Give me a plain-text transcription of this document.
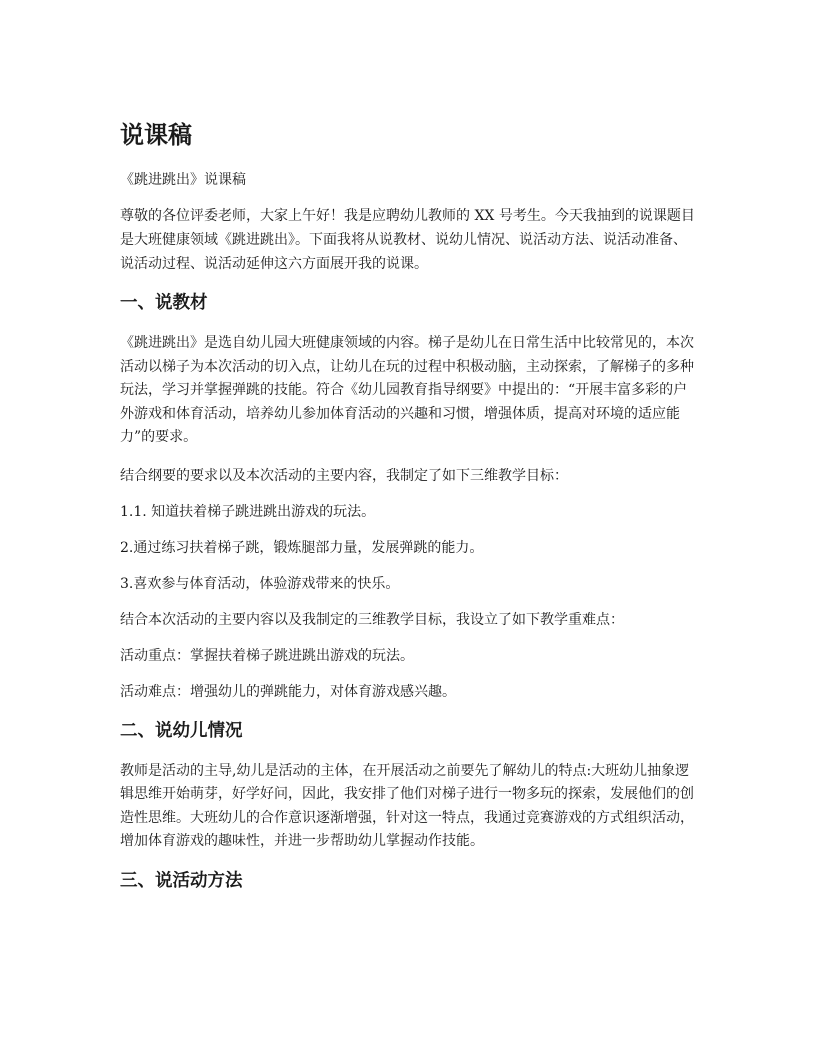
说课稿
《跳进跳出》说课稿

尊敬的各位评委老师，大家上午好！我是应聘幼儿教师的 XX 号考生。今天我抽到的说课题目是大班健康领域《跳进跳出》。下面我将从说教材、说幼儿情况、说活动方法、说活动准备、说活动过程、说活动延伸这六方面展开我的说课。

一、说教材

《跳进跳出》是选自幼儿园大班健康领域的内容。梯子是幼儿在日常生活中比较常见的，本次活动以梯子为本次活动的切入点，让幼儿在玩的过程中积极动脑，主动探索，了解梯子的多种玩法，学习并掌握弹跳的技能。符合《幼儿园教育指导纲要》中提出的：“开展丰富多彩的户外游戏和体育活动，培养幼儿参加体育活动的兴趣和习惯，增强体质，提高对环境的适应能力”的要求。

结合纲要的要求以及本次活动的主要内容，我制定了如下三维教学目标：

1.1. 知道扶着梯子跳进跳出游戏的玩法。
2.通过练习扶着梯子跳，锻炼腿部力量，发展弹跳的能力。
3.喜欢参与体育活动，体验游戏带来的快乐。
结合本次活动的主要内容以及我制定的三维教学目标，我设立了如下教学重难点：
活动重点：掌握扶着梯子跳进跳出游戏的玩法。
活动难点：增强幼儿的弹跳能力，对体育游戏感兴趣。
二、说幼儿情况

教师是活动的主导,幼儿是活动的主体，在开展活动之前要先了解幼儿的特点:大班幼儿抽象逻辑思维开始萌芽，好学好问，因此，我安排了他们对梯子进行一物多玩的探索，发展他们的创造性思维。大班幼儿的合作意识逐渐增强，针对这一特点，我通过竞赛游戏的方式组织活动，增加体育游戏的趣味性，并进一步帮助幼儿掌握动作技能。

三、说活动方法
